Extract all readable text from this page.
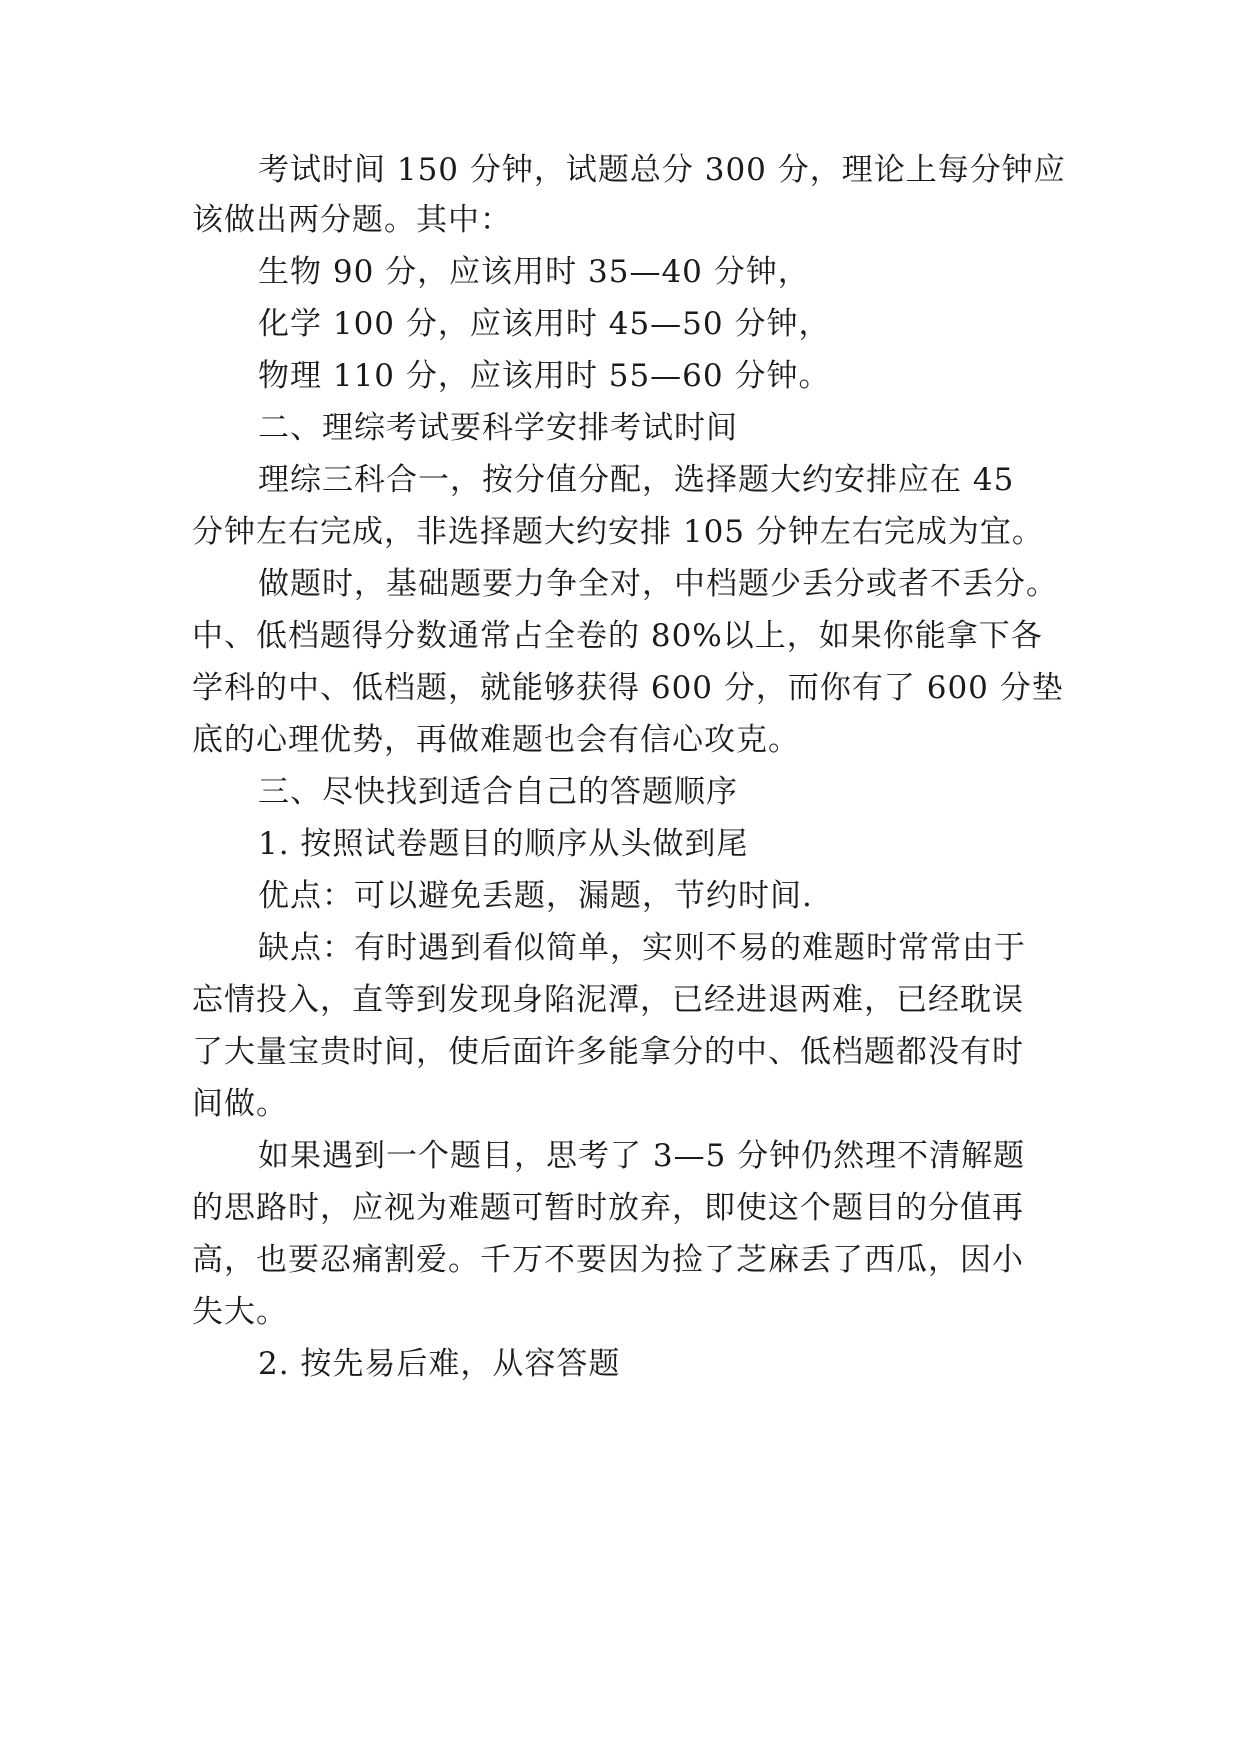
考试时间 150 分钟，试题总分 300 分，理论上每分钟应
该做出两分题。其中：
生物 90 分，应该用时 35—40 分钟，
化学 100 分，应该用时 45—50 分钟，
物理 110 分，应该用时 55—60 分钟。
二、理综考试要科学安排考试时间
理综三科合一，按分值分配，选择题大约安排应在 45
分钟左右完成，非选择题大约安排 105 分钟左右完成为宜。
做题时，基础题要力争全对，中档题少丢分或者不丢分。
中、低档题得分数通常占全卷的 80%以上，如果你能拿下各
学科的中、低档题，就能够获得 600 分，而你有了 600 分垫
底的心理优势，再做难题也会有信心攻克。
三、尽快找到适合自己的答题顺序
1. 按照试卷题目的顺序从头做到尾
优点：可以避免丢题，漏题，节约时间.
缺点：有时遇到看似简单，实则不易的难题时常常由于
忘情投入，直等到发现身陷泥潭，已经进退两难，已经耽误
了大量宝贵时间，使后面许多能拿分的中、低档题都没有时
间做。
如果遇到一个题目，思考了 3—5 分钟仍然理不清解题
的思路时，应视为难题可暂时放弃，即使这个题目的分值再
高，也要忍痛割爱。千万不要因为捡了芝麻丢了西瓜，因小
失大。
2. 按先易后难，从容答题
